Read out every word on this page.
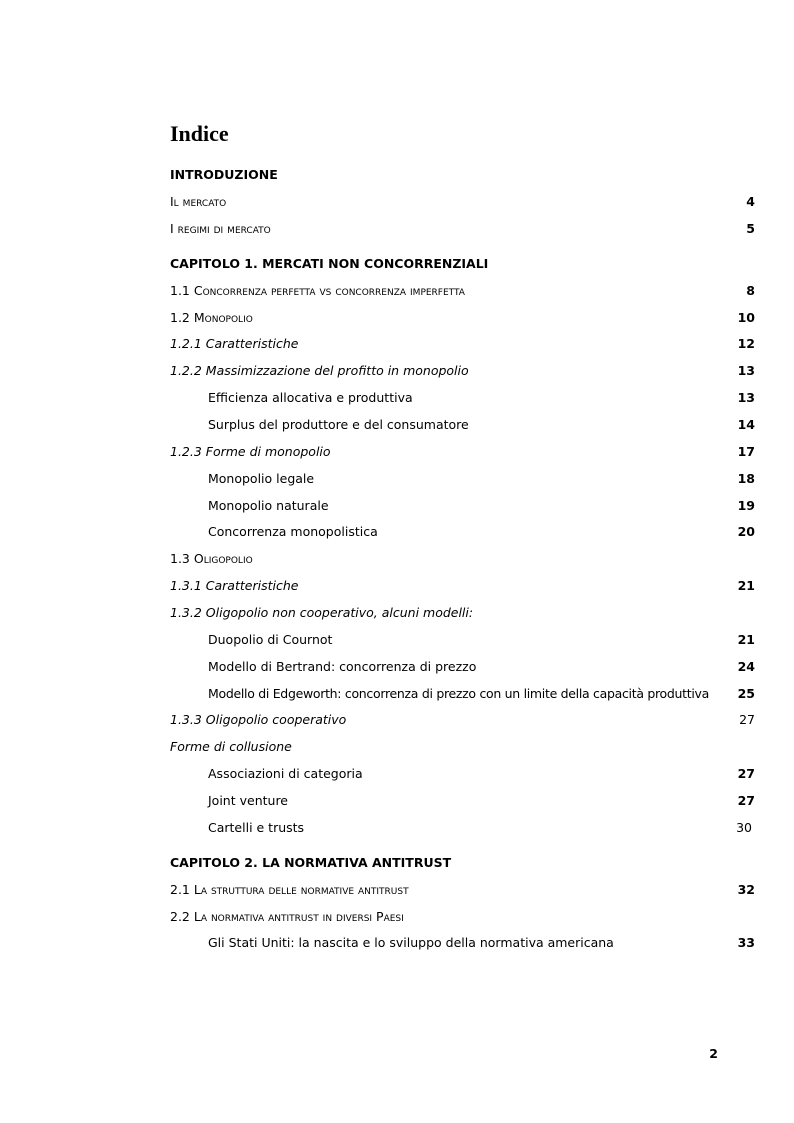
Indice
INTRODUZIONE
Il mercato	4
I regimi di mercato	5
CAPITOLO 1. MERCATI NON CONCORRENZIALI
1.1 Concorrenza perfetta vs concorrenza imperfetta	8
1.2 Monopolio	10
1.2.1 Caratteristiche	12
1.2.2 Massimizzazione del profitto in monopolio	13
Efficienza allocativa e produttiva	13
Surplus del produttore e del consumatore	14
1.2.3 Forme di monopolio	17
Monopolio legale	18
Monopolio naturale	19
Concorrenza monopolistica	20
1.3 Oligopolio
1.3.1 Caratteristiche	21
1.3.2 Oligopolio non cooperativo, alcuni modelli:
Duopolio di Cournot	21
Modello di Bertrand: concorrenza di prezzo	24
Modello di Edgeworth: concorrenza di prezzo con un limite della capacità produttiva 25
1.3.3 Oligopolio cooperativo	27
Forme di collusione
Associazioni di categoria	27
Joint venture	27
Cartelli e trusts	30
CAPITOLO 2. LA NORMATIVA ANTITRUST
2.1 La struttura delle normative antitrust	32
2.2 La normativa antitrust in diversi Paesi
Gli Stati Uniti: la nascita e lo sviluppo della normativa americana	33
2
